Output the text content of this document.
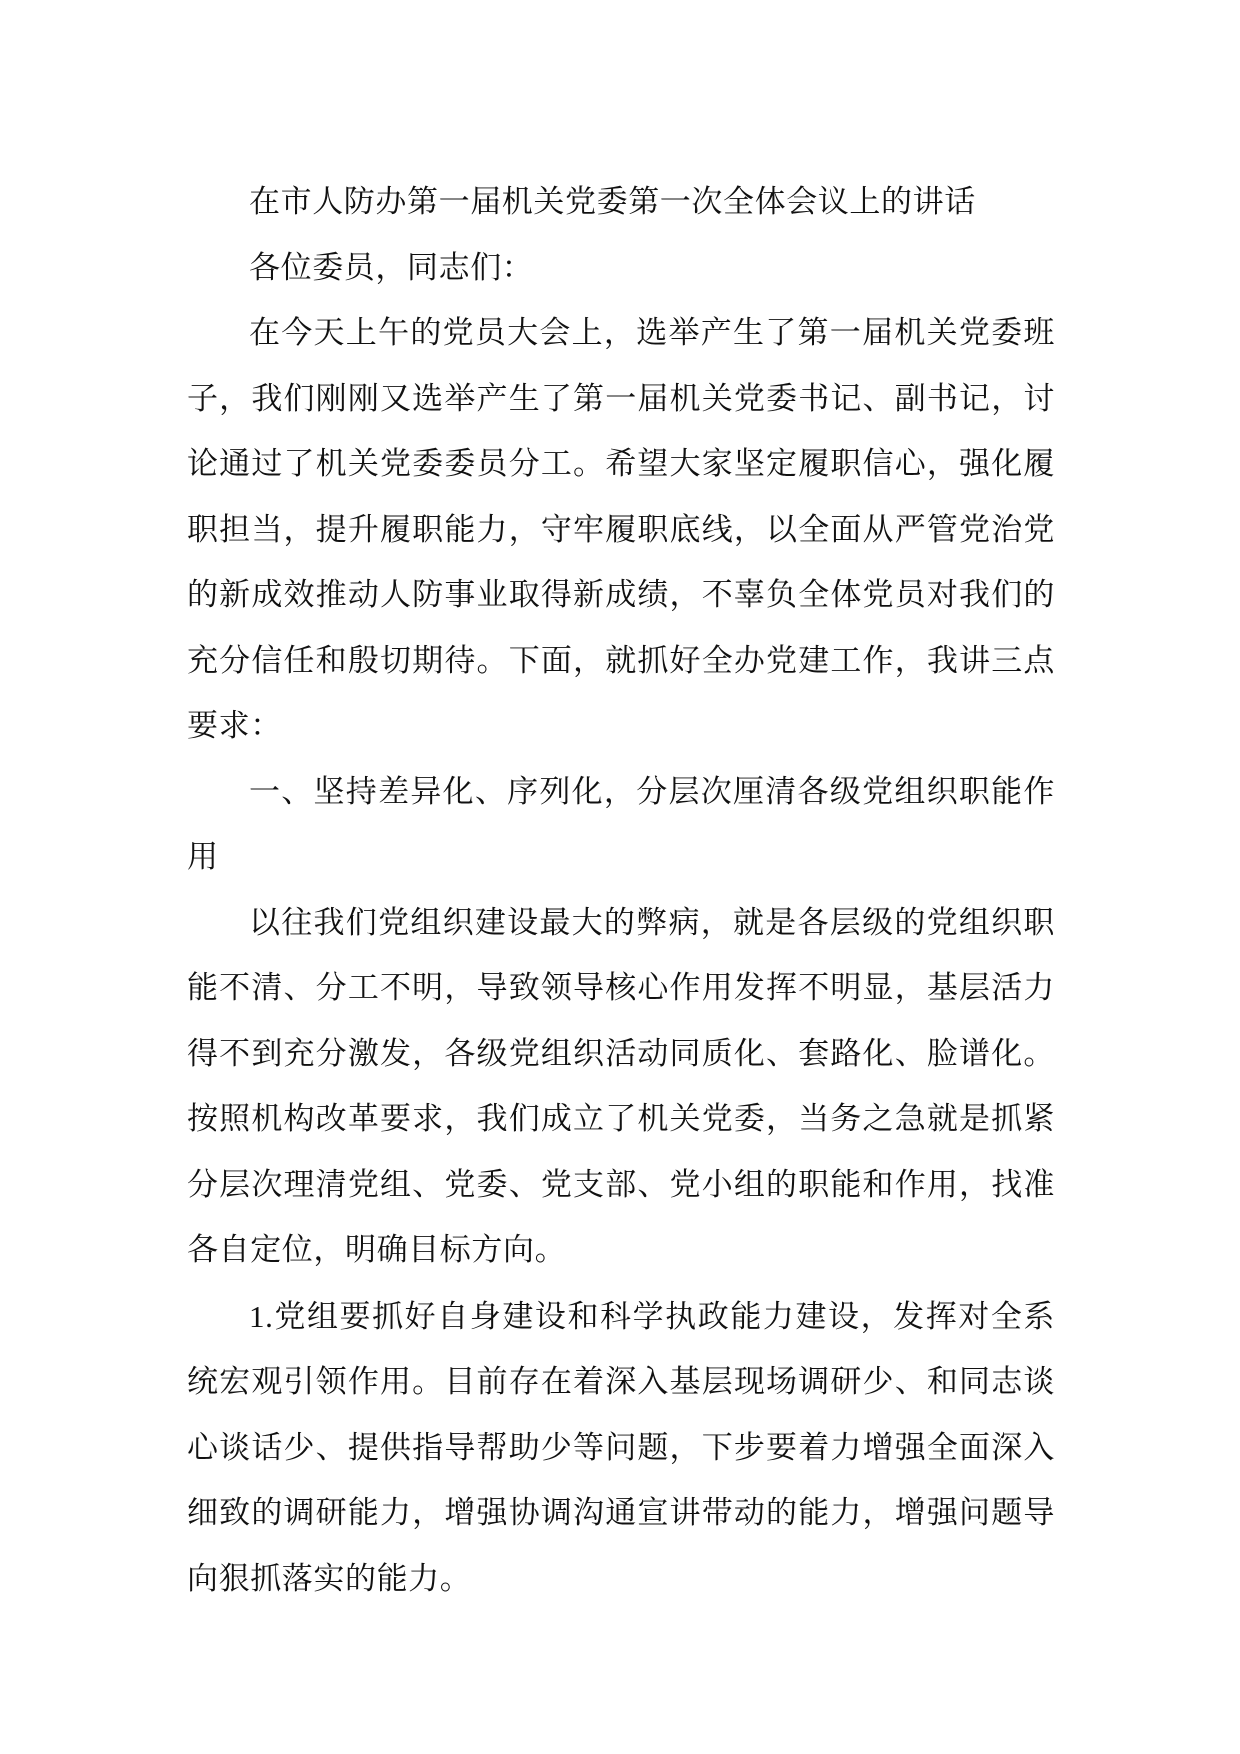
在市人防办第一届机关党委第一次全体会议上的讲话

各位委员，同志们：

在今天上午的党员大会上，选举产生了第一届机关党委班子，我们刚刚又选举产生了第一届机关党委书记、副书记，讨论通过了机关党委委员分工。希望大家坚定履职信心，强化履职担当，提升履职能力，守牢履职底线，以全面从严管党治党的新成效推动人防事业取得新成绩，不辜负全体党员对我们的充分信任和殷切期待。下面，就抓好全办党建工作，我讲三点要求：

一、坚持差异化、序列化，分层次厘清各级党组织职能作用

以往我们党组织建设最大的弊病，就是各层级的党组织职能不清、分工不明，导致领导核心作用发挥不明显，基层活力得不到充分激发，各级党组织活动同质化、套路化、脸谱化。按照机构改革要求，我们成立了机关党委，当务之急就是抓紧分层次理清党组、党委、党支部、党小组的职能和作用，找准各自定位，明确目标方向。

1.党组要抓好自身建设和科学执政能力建设，发挥对全系统宏观引领作用。目前存在着深入基层现场调研少、和同志谈心谈话少、提供指导帮助少等问题，下步要着力增强全面深入细致的调研能力，增强协调沟通宣讲带动的能力，增强问题导向狠抓落实的能力。
